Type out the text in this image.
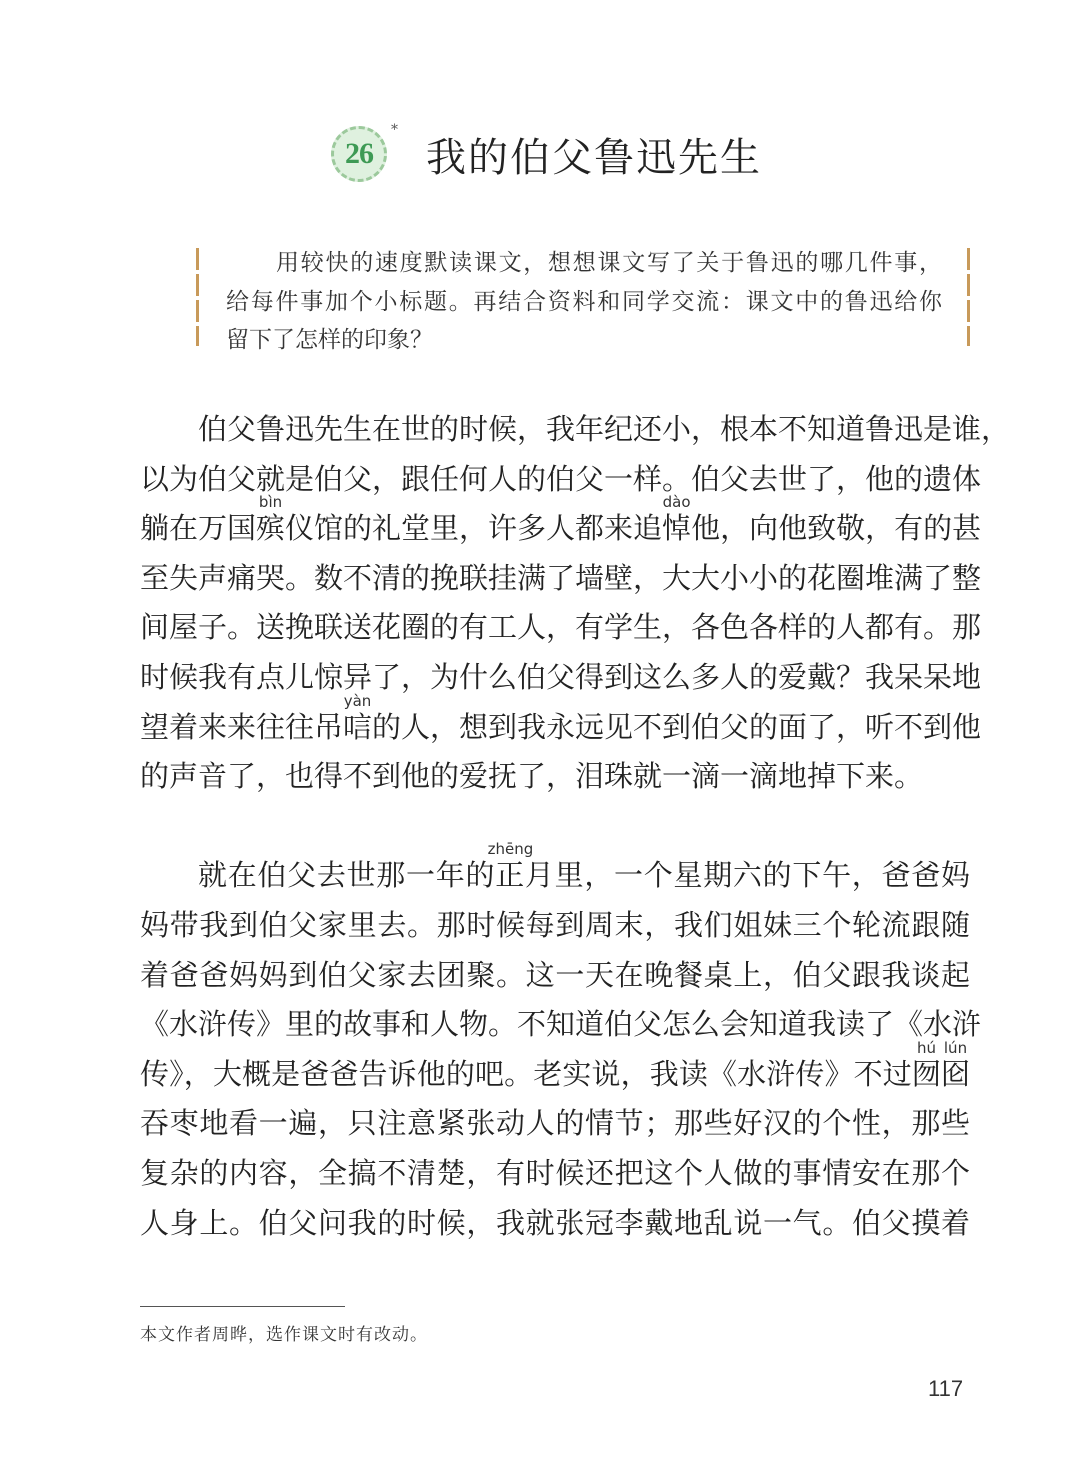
26
*
我的伯父鲁迅先生
用较快的速度默读课文，想想课文写了关于鲁迅的哪几件事，
给每件事加个小标题。再结合资料和同学交流：课文中的鲁迅给你
留下了怎样的印象？
伯父鲁迅先生在世的时候，我年纪还小，根本不知道鲁迅是谁，
以为伯父就是伯父，跟任何人的伯父一样。伯父去世了，他的遗体
躺在万国殡
bìn
仪馆的礼堂里，许多人都来追悼
dào
他，向他致敬，有的甚
至失声痛哭。数不清的挽联挂满了墙壁，大大小小的花圈堆满了整
间屋子。送挽联送花圈的有工人，有学生，各色各样的人都有。那
时候我有点儿惊异了，为什么伯父得到这么多人的爱戴？我呆呆地
望着来来往往吊唁
yàn
的人，想到我永远见不到伯父的面了，听不到他
的声音了，也得不到他的爱抚了，泪珠就一滴一滴地掉下来。
就在伯父去世那一年的正
zhēng
月里，一个星期六的下午，爸爸妈
妈带我到伯父家里去。那时候每到周末，我们姐妹三个轮流跟随
着爸爸妈妈到伯父家去团聚。这一天在晚餐桌上，伯父跟我谈起
《水浒传》里的故事和人物。不知道伯父怎么会知道我读了《水浒
传》，大概是爸爸告诉他的吧。老实说，我读《水浒传》不过囫
hú
囵
lún
吞枣地看一遍，只注意紧张动人的情节；那些好汉的个性，那些
复杂的内容，全搞不清楚，有时候还把这个人做的事情安在那个
人身上。伯父问我的时候，我就张冠李戴地乱说一气。伯父摸着
本文作者周晔，选作课文时有改动。
117
